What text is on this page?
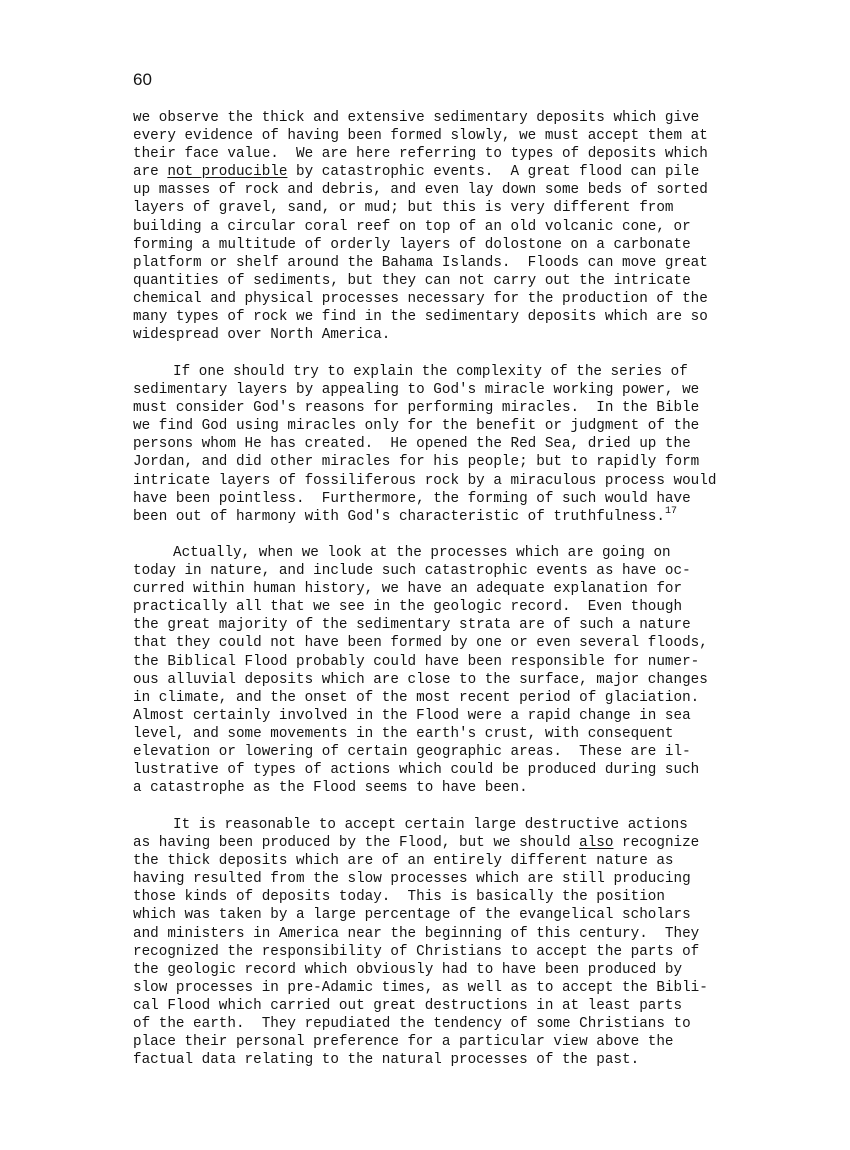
60
we observe the thick and extensive sedimentary deposits which give
every evidence of having been formed slowly, we must accept them at
their face value.  We are here referring to types of deposits which
are not producible by catastrophic events.  A great flood can pile
up masses of rock and debris, and even lay down some beds of sorted
layers of gravel, sand, or mud; but this is very different from
building a circular coral reef on top of an old volcanic cone, or
forming a multitude of orderly layers of dolostone on a carbonate
platform or shelf around the Bahama Islands.  Floods can move great
quantities of sediments, but they can not carry out the intricate
chemical and physical processes necessary for the production of the
many types of rock we find in the sedimentary deposits which are so
widespread over North America.
If one should try to explain the complexity of the series of
sedimentary layers by appealing to God's miracle working power, we
must consider God's reasons for performing miracles.  In the Bible
we find God using miracles only for the benefit or judgment of the
persons whom He has created.  He opened the Red Sea, dried up the
Jordan, and did other miracles for his people; but to rapidly form
intricate layers of fossiliferous rock by a miraculous process would
have been pointless.  Furthermore, the forming of such would have
been out of harmony with God's characteristic of truthfulness.$^{17}$
Actually, when we look at the processes which are going on
today in nature, and include such catastrophic events as have oc-
curred within human history, we have an adequate explanation for
practically all that we see in the geologic record.  Even though
the great majority of the sedimentary strata are of such a nature
that they could not have been formed by one or even several floods,
the Biblical Flood probably could have been responsible for numer-
ous alluvial deposits which are close to the surface, major changes
in climate, and the onset of the most recent period of glaciation.
Almost certainly involved in the Flood were a rapid change in sea
level, and some movements in the earth's crust, with consequent
elevation or lowering of certain geographic areas.  These are il-
lustrative of types of actions which could be produced during such
a catastrophe as the Flood seems to have been.
It is reasonable to accept certain large destructive actions
as having been produced by the Flood, but we should also recognize
the thick deposits which are of an entirely different nature as
having resulted from the slow processes which are still producing
those kinds of deposits today.  This is basically the position
which was taken by a large percentage of the evangelical scholars
and ministers in America near the beginning of this century.  They
recognized the responsibility of Christians to accept the parts of
the geologic record which obviously had to have been produced by
slow processes in pre-Adamic times, as well as to accept the Bibli-
cal Flood which carried out great destructions in at least parts
of the earth.  They repudiated the tendency of some Christians to
place their personal preference for a particular view above the
factual data relating to the natural processes of the past.
